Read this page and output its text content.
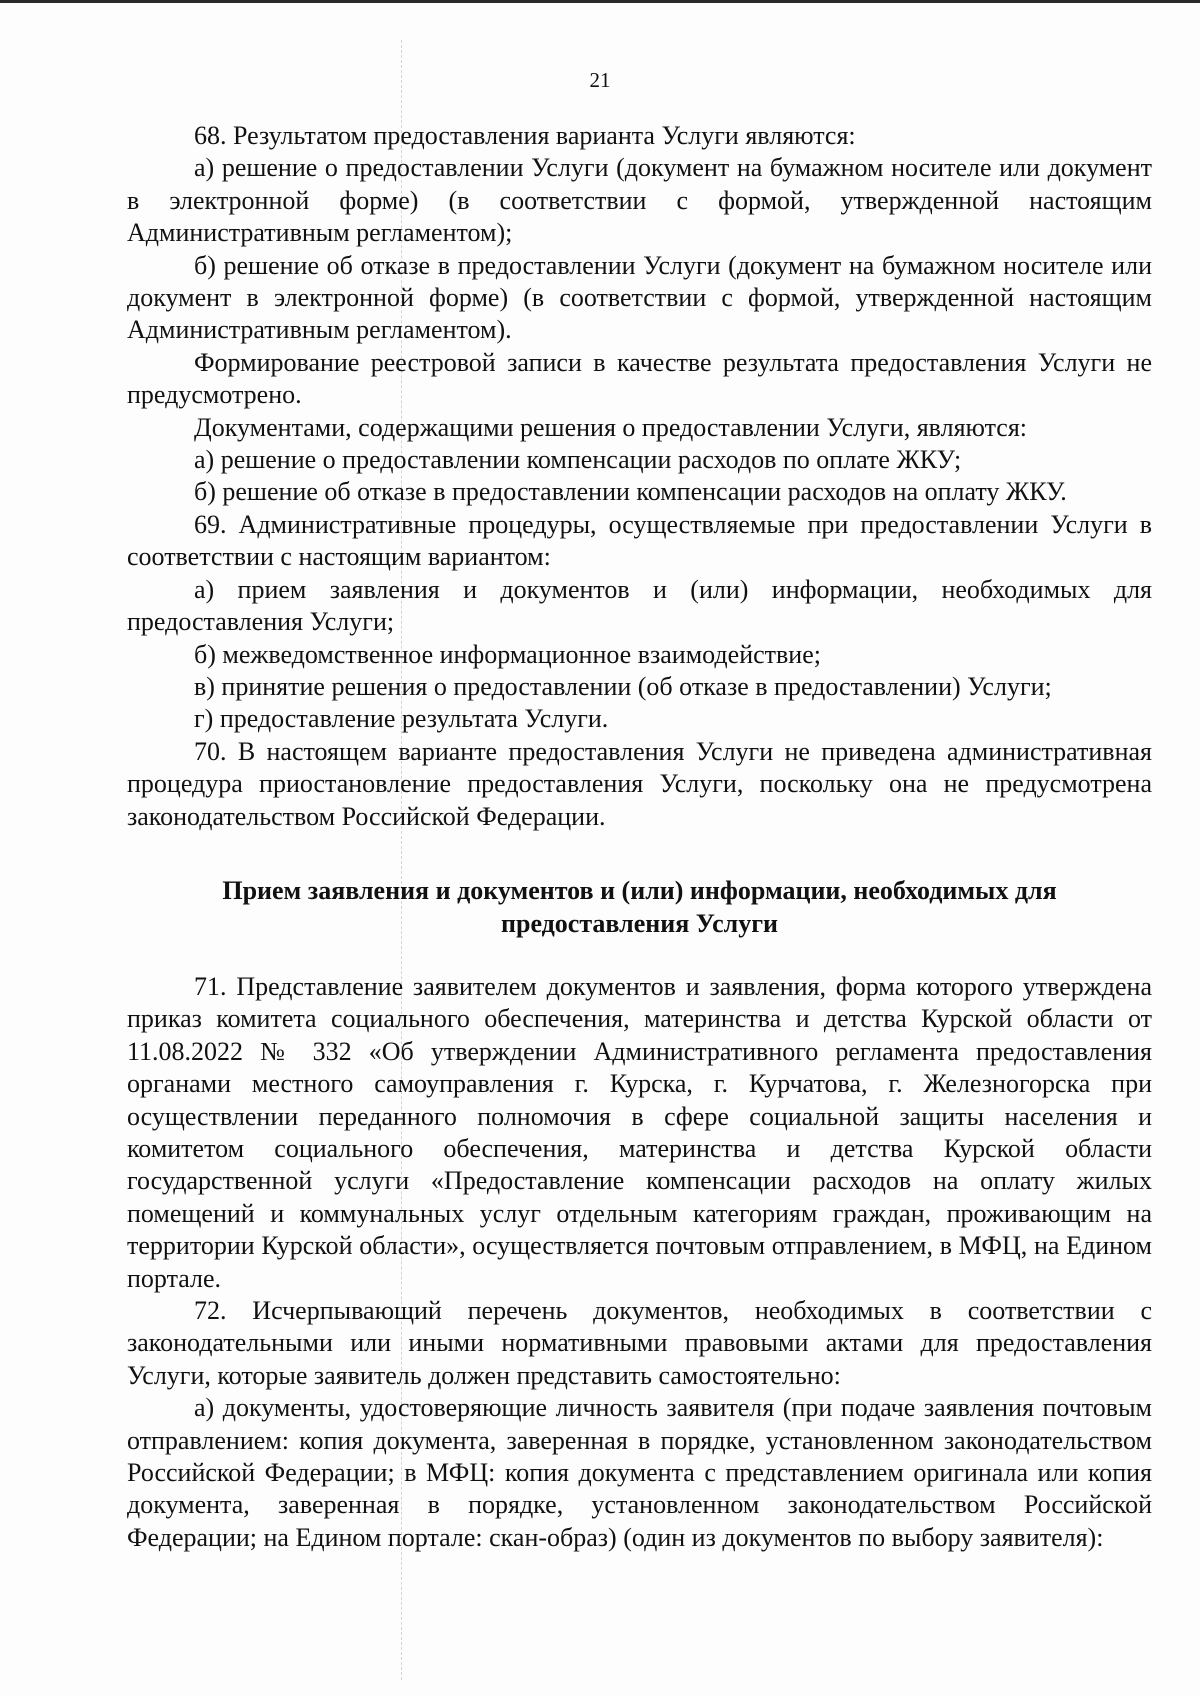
21

68. Результатом предоставления варианта Услуги являются:

а) решение о предоставлении Услуги (документ на бумажном носителе или документ в электронной форме) (в соответствии с формой, утвержденной настоящим Административным регламентом);

б) решение об отказе в предоставлении Услуги (документ на бумажном носителе или документ в электронной форме) (в соответствии с формой, утвержденной настоящим Административным регламентом).

Формирование реестровой записи в качестве результата предоставления Услуги не предусмотрено.

Документами, содержащими решения о предоставлении Услуги, являются:

а) решение о предоставлении компенсации расходов по оплате ЖКУ;

б) решение об отказе в предоставлении компенсации расходов на оплату ЖКУ.

69. Административные процедуры, осуществляемые при предоставлении Услуги в соответствии с настоящим вариантом:

а) прием заявления и документов и (или) информации, необходимых для предоставления Услуги;

б) межведомственное информационное взаимодействие;

в) принятие решения о предоставлении (об отказе в предоставлении) Услуги;

г) предоставление результата Услуги.

70. В настоящем варианте предоставления Услуги не приведена административная процедура приостановление предоставления Услуги, поскольку она не предусмотрена законодательством Российской Федерации.

Прием заявления и документов и (или) информации, необходимых для предоставления Услуги

71. Представление заявителем документов и заявления, форма которого утверждена приказ комитета социального обеспечения, материнства и детства Курской области от 11.08.2022 № 332 «Об утверждении Административного регламента предоставления органами местного самоуправления г. Курска, г. Курчатова, г. Железногорска при осуществлении переданного полномочия в сфере социальной защиты населения и комитетом социального обеспечения, материнства и детства Курской области государственной услуги «Предоставление компенсации расходов на оплату жилых помещений и коммунальных услуг отдельным категориям граждан, проживающим на территории Курской области», осуществляется почтовым отправлением, в МФЦ, на Едином портале.

72. Исчерпывающий перечень документов, необходимых в соответствии с законодательными или иными нормативными правовыми актами для предоставления Услуги, которые заявитель должен представить самостоятельно:

а) документы, удостоверяющие личность заявителя (при подаче заявления почтовым отправлением: копия документа, заверенная в порядке, установленном законодательством Российской Федерации; в МФЦ: копия документа с представлением оригинала или копия документа, заверенная в порядке, установленном законодательством Российской Федерации; на Едином портале: скан-образ) (один из документов по выбору заявителя):
